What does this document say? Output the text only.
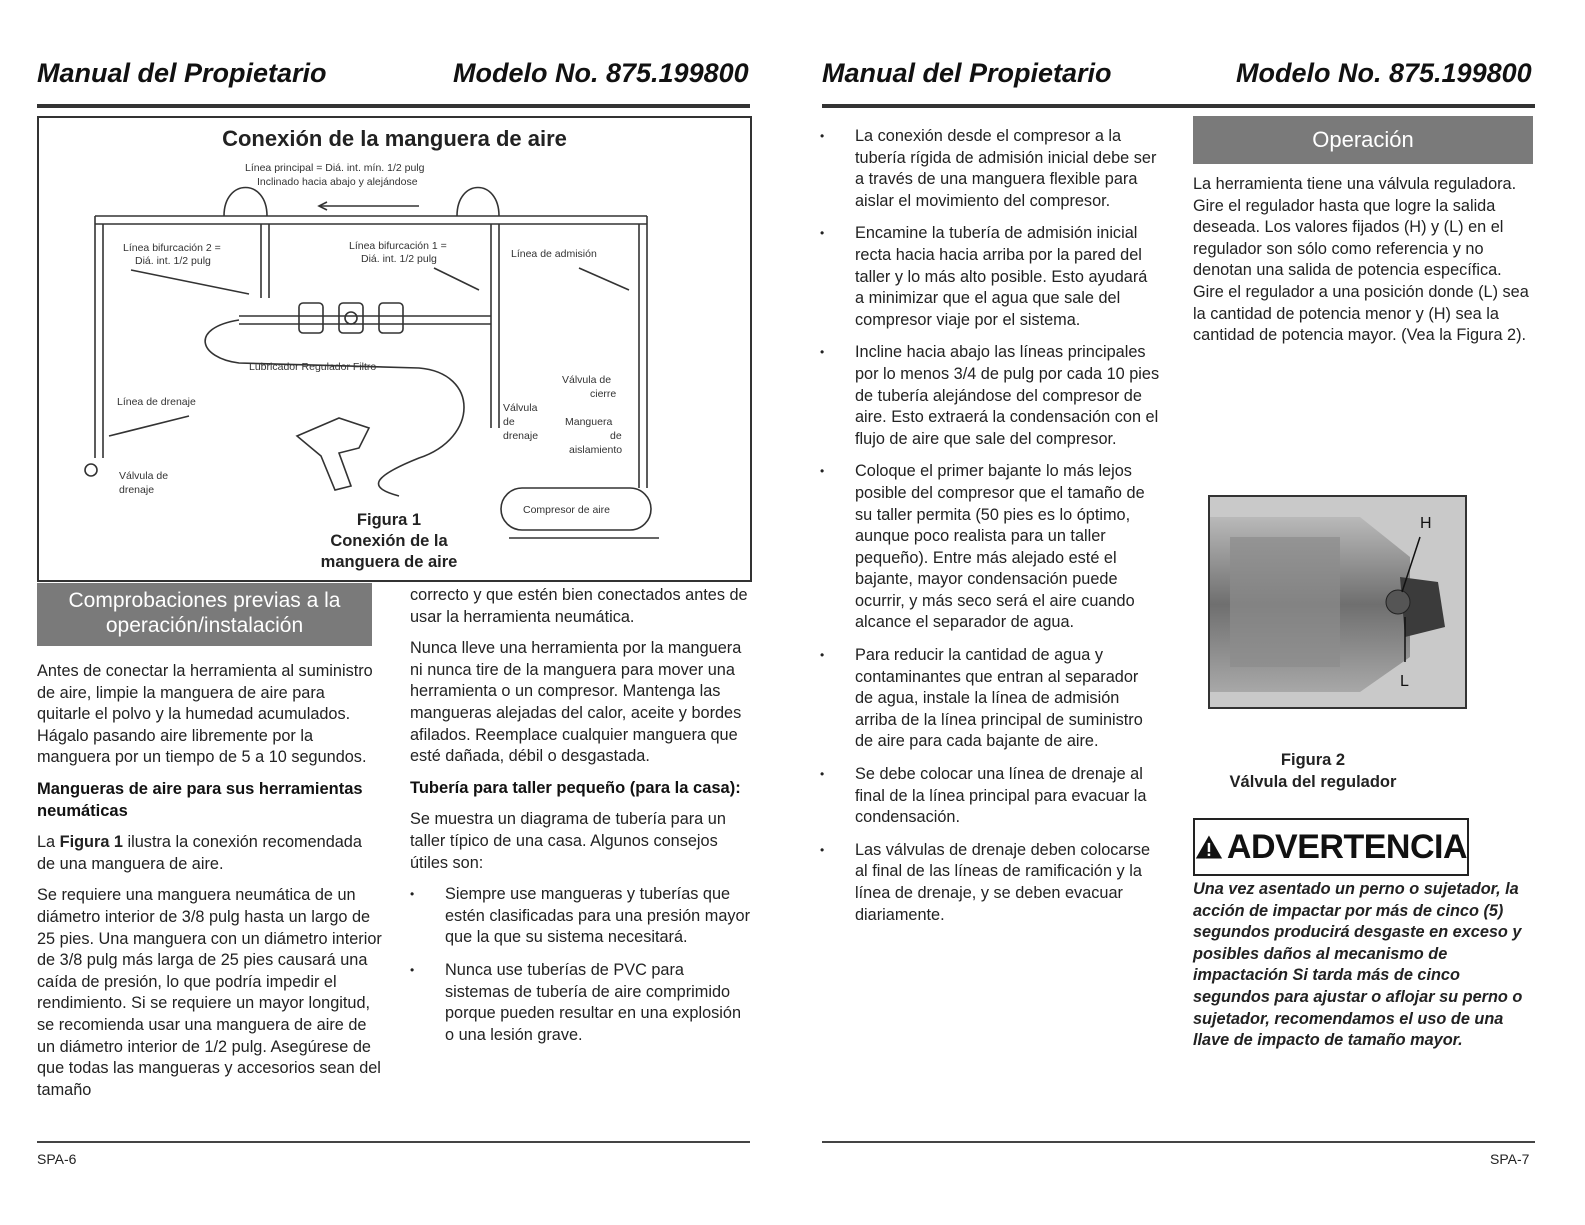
Manual del Propietario	Modelo No. 875.199800	Manual del Propietario	Modelo No. 875.199800
Conexión de la manguera de aire
Línea principal = Diá. int. mín. 1/2 pulg
Inclinado hacia abajo y alejándose
Línea bifurcación 2 =
Diá. int. 1/2 pulg
Línea bifurcación 1 =
Diá. int. 1/2 pulg	Línea de admisión
Lubricador Regulador Filtro
Línea de drenaje
Válvula de
drenaje
Válvula de
cierre
Válvula
de
drenaje
Manguera
de
aislamiento
Compresor de aire
Figura 1
Conexión de la
manguera de aire
Comprobaciones previas a la
operación/instalación

Antes de conectar la herramienta al suministro de aire, limpie la manguera de aire para quitarle el polvo y la humedad acumulados. Hágalo pasando aire libremente por la manguera por un tiempo de 5 a 10 segundos.

Mangueras de aire para sus herramientas neumáticas

La Figura 1 ilustra la conexión recomendada de una manguera de aire.

Se requiere una manguera neumática de un diámetro interior de 3/8 pulg hasta un largo de 25 pies. Una manguera con un diámetro interior de 3/8 pulg más larga de 25 pies causará una caída de presión, lo que podría impedir el rendimiento. Si se requiere un mayor longitud, se recomienda usar una manguera de aire de un diámetro interior de 1/2 pulg. Asegúrese de que todas las mangueras y accesorios sean del tamaño

correcto y que estén bien conectados antes de usar la herramienta neumática.

Nunca lleve una herramienta por la manguera ni nunca tire de la manguera para mover una herramienta o un compresor. Mantenga las mangueras alejadas del calor, aceite y bordes afilados. Reemplace cualquier manguera que esté dañada, débil o desgastada.

Tubería para taller pequeño (para la casa):

Se muestra un diagrama de tubería para un taller típico de una casa. Algunos consejos útiles son:

• Siempre use mangueras y tuberías que estén clasificadas para una presión mayor que la que su sistema necesitará.
• Nunca use tuberías de PVC para sistemas de tubería de aire comprimido porque pueden resultar en una explosión o una lesión grave.
• La conexión desde el compresor a la tubería rígida de admisión inicial debe ser a través de una manguera flexible para aislar el movimiento del compresor.
• Encamine la tubería de admisión inicial recta hacia hacia arriba por la pared del taller y lo más alto posible. Esto ayudará a minimizar que el agua que sale del compresor viaje por el sistema.
• Incline hacia abajo las líneas principales por lo menos 3/4 de pulg por cada 10 pies de tubería alejándose del compresor de aire. Esto extraerá la condensación con el flujo de aire que sale del compresor.
• Coloque el primer bajante lo más lejos posible del compresor que el tamaño de su taller permita (50 pies es lo óptimo, aunque poco realista para un taller pequeño). Entre más alejado esté el bajante, mayor condensación puede ocurrir, y más seco será el aire cuando alcance el separador de agua.
• Para reducir la cantidad de agua y contaminantes que entran al separador de agua, instale la línea de admisión arriba de la línea principal de suministro de aire para cada bajante de aire.
• Se debe colocar una línea de drenaje al final de la línea principal para evacuar la condensación.
• Las válvulas de drenaje deben colocarse al final de las líneas de ramificación y la línea de drenaje, y se deben evacuar diariamente.
Operación

La herramienta tiene una válvula reguladora. Gire el regulador hasta que logre la salida deseada. Los valores fijados (H) y (L) en el regulador son sólo como referencia y no denotan una salida de potencia específica. Gire el regulador a una posición donde (L) sea la cantidad de potencia menor y (H) sea la cantidad de potencia mayor. (Vea la Figura 2).

H
L
Figura 2
Válvula del regulador
ADVERTENCIA
Una vez asentado un perno o sujetador, la acción de impactar por más de cinco (5) segundos producirá desgaste en exceso y posibles daños al mecanismo de impactación Si tarda más de cinco segundos para ajustar o aflojar su perno o sujetador, recomendamos el uso de una llave de impacto de tamaño mayor.
SPA-6	SPA-7
